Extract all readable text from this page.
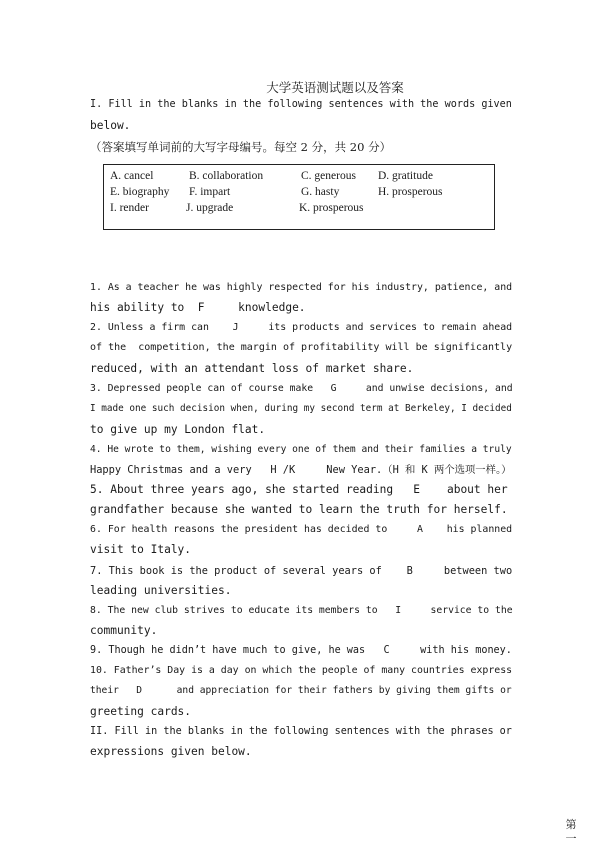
大学英语测试题以及答案
I. Fill in the blanks in the following sentences with the words given
below.
（答案填写单词前的大写字母编号。每空 2 分，共 20 分）
A. cancel	B. collaboration	C. generous D. gratitude
E. biography F. impart	G. hasty	H. prosperous
I. render	J. upgrade	K. prosperous
1. As a teacher he was highly respected for his industry, patience, and
his ability to  F     knowledge.
2. Unless a firm can    J     its products and services to remain ahead
of the  competition, the margin of profitability will be significantly
reduced, with an attendant loss of market share.
3. Depressed people can of course make   G     and unwise decisions, and
I made one such decision when, during my second term at Berkeley, I decided
to give up my London flat.
4. He wrote to them, wishing every one of them and their families a truly
Happy Christmas and a very   H /K     New Year.（H 和 K 两个选项一样。）
5. About three years ago, she started reading   E    about her
grandfather because she wanted to learn the truth for herself.
6. For health reasons the president has decided to     A    his planned
visit to Italy.
7. This book is the product of several years of    B     between two
leading universities.
8. The new club strives to educate its members to   I     service to the
community.
9. Though he didn’t have much to give, he was   C     with his money.
10. Father’s Day is a day on which the people of many countries express
their   D      and appreciation for their fathers by giving them gifts or
greeting cards.
II. Fill in the blanks in the following sentences with the phrases or
expressions given below.
第一
